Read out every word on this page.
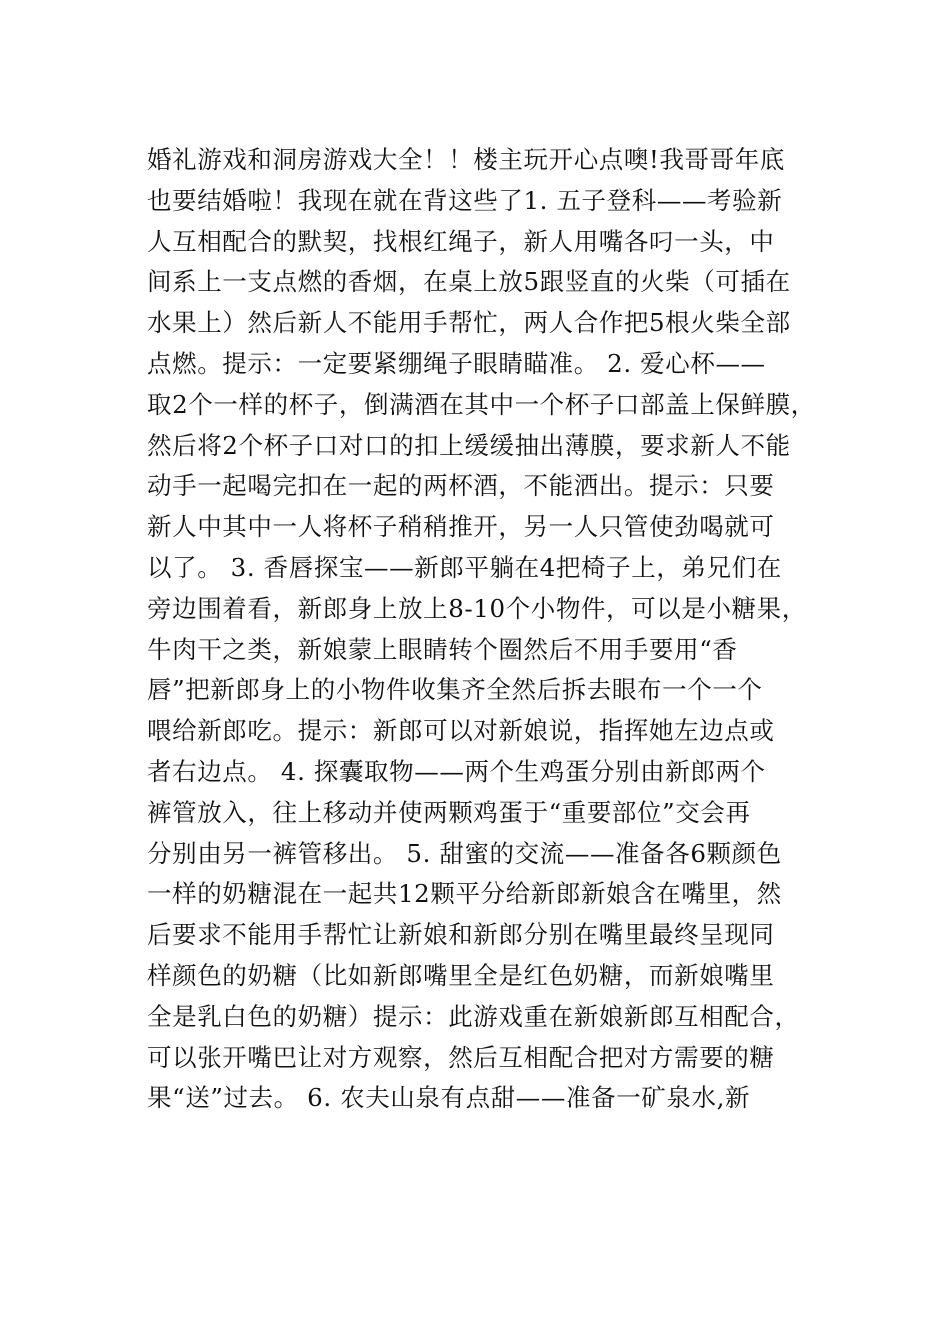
婚礼游戏和洞房游戏大全！！楼主玩开心点噢!我哥哥年底
也要结婚啦！我现在就在背这些了1. 五子登科——考验新
人互相配合的默契，找根红绳子，新人用嘴各叼一头，中
间系上一支点燃的香烟，在桌上放5跟竖直的火柴（可插在
水果上）然后新人不能用手帮忙，两人合作把5根火柴全部
点燃。提示：一定要紧绷绳子眼睛瞄准。 2. 爱心杯——
取2个一样的杯子，倒满酒在其中一个杯子口部盖上保鲜膜，
然后将2个杯子口对口的扣上缓缓抽出薄膜，要求新人不能
动手一起喝完扣在一起的两杯酒，不能洒出。提示：只要
新人中其中一人将杯子稍稍推开，另一人只管使劲喝就可
以了。 3. 香唇探宝——新郎平躺在4把椅子上，弟兄们在
旁边围着看，新郎身上放上8-10个小物件，可以是小糖果，
牛肉干之类，新娘蒙上眼睛转个圈然后不用手要用“香
唇”把新郎身上的小物件收集齐全然后拆去眼布一个一个
喂给新郎吃。提示：新郎可以对新娘说，指挥她左边点或
者右边点。 4. 探囊取物——两个生鸡蛋分别由新郎两个
裤管放入，往上移动并使两颗鸡蛋于“重要部位”交会再
分别由另一裤管移出。 5. 甜蜜的交流——准备各6颗颜色
一样的奶糖混在一起共12颗平分给新郎新娘含在嘴里，然
后要求不能用手帮忙让新娘和新郎分别在嘴里最终呈现同
样颜色的奶糖（比如新郎嘴里全是红色奶糖，而新娘嘴里
全是乳白色的奶糖）提示：此游戏重在新娘新郎互相配合，
可以张开嘴巴让对方观察，然后互相配合把对方需要的糖
果“送”过去。 6. 农夫山泉有点甜——准备一矿泉水,新
